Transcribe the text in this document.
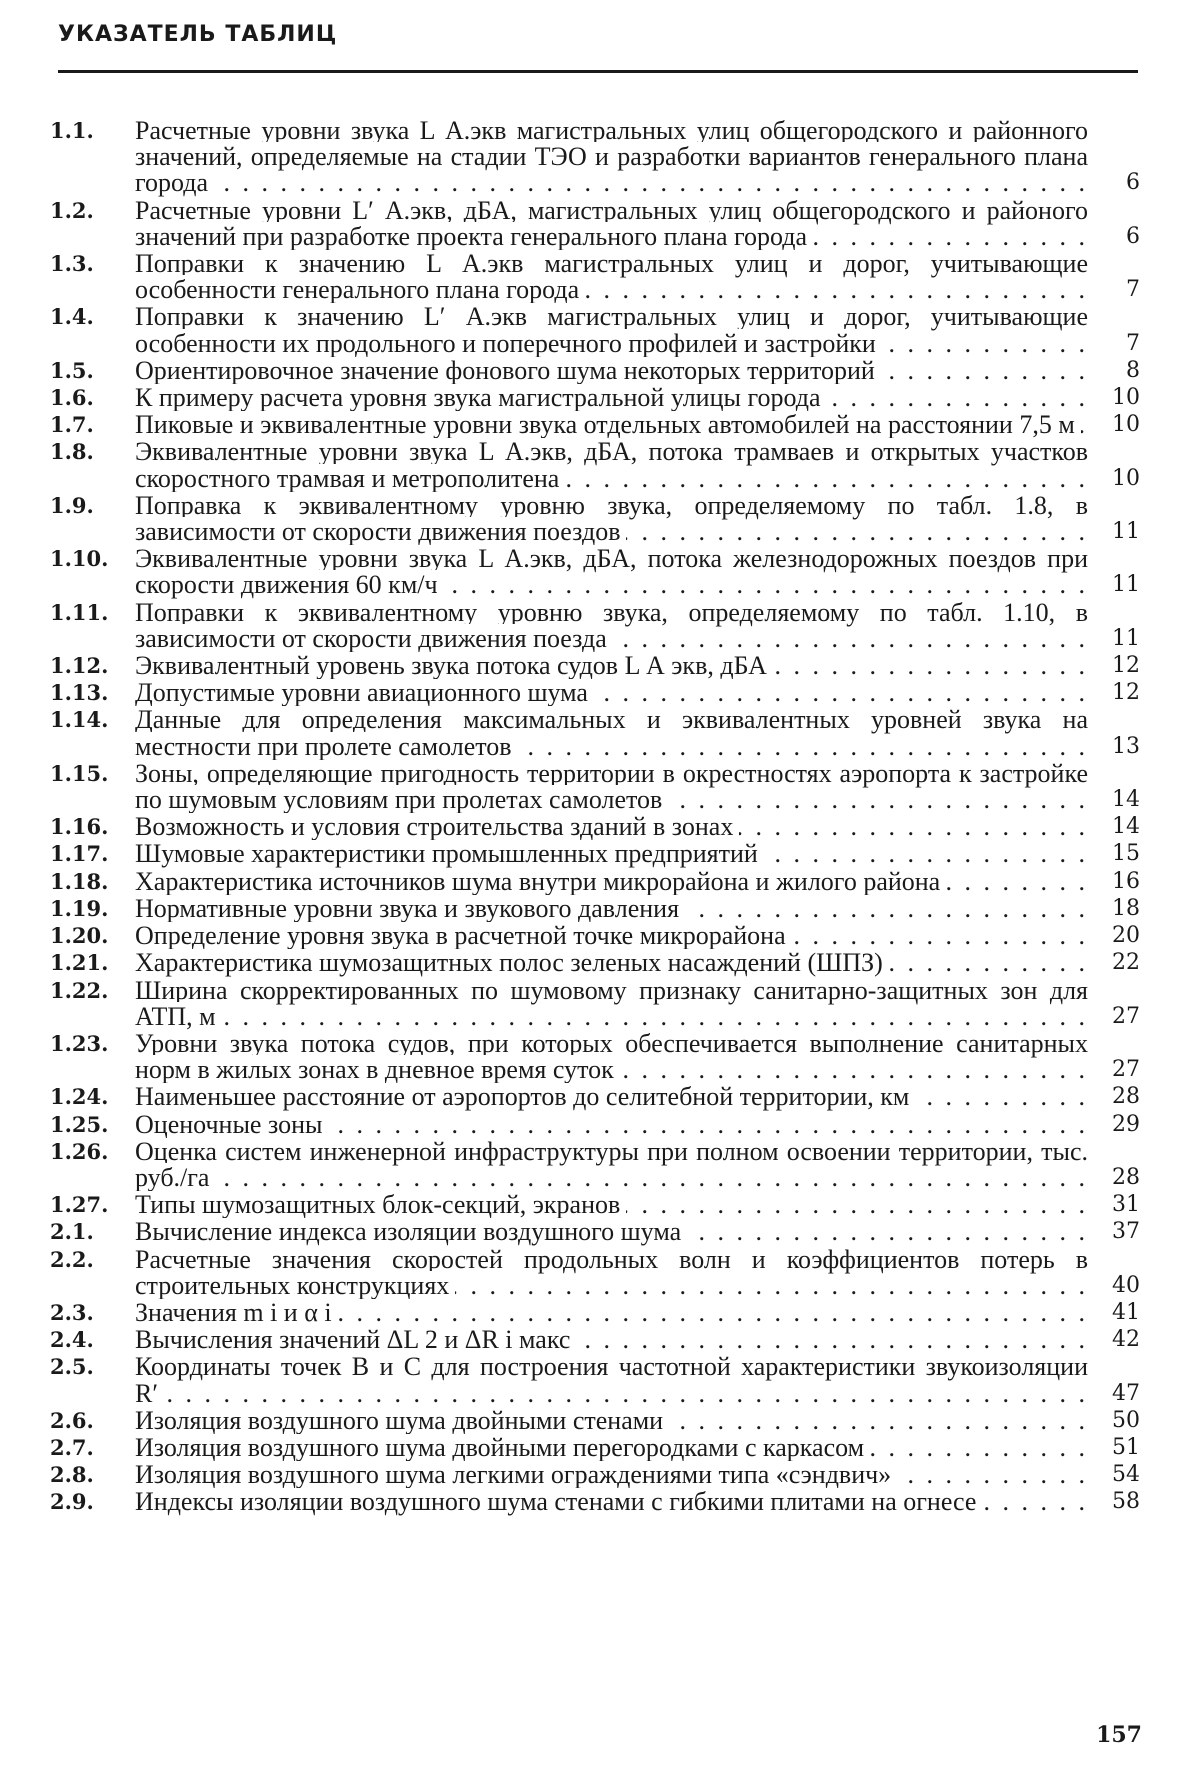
УКАЗАТЕЛЬ ТАБЛИЦ
1.1.	Расчетные уровни звука L А.экв магистральных улиц общегородского и районного значений, определяемые на стадии ТЭО и разработки вариантов генерального плана города . . .	6
1.2.	Расчетные уровни L′ А.экв, дБА, магистральных улиц общегородского и районого значений при разработке проекта генерального плана города . . .	6
1.3.	Поправки к значению L А.экв магистральных улиц и дорог, учитывающие особенности генерального плана города . . .	7
1.4.	Поправки к значению L′ А.экв магистральных улиц и дорог, учитывающие особенности их продольного и поперечного профилей и застройки . . .	7
1.5.	Ориентировочное значение фонового шума некоторых территорий . . .	8
1.6.	К примеру расчета уровня звука магистральной улицы города . . .	10
1.7.	Пиковые и эквивалентные уровни звука отдельных автомобилей на расстоянии 7,5 м . . .	10
1.8.	Эквивалентные уровни звука L А.экв, дБА, потока трамваев и открытых участков скоростного трамвая и метрополитена . . .	10
1.9.	Поправка к эквивалентному уровню звука, определяемому по табл. 1.8, в зависимости от скорости движения поездов . . .	11
1.10.	Эквивалентные уровни звука L А.экв, дБА, потока железнодорожных поездов при скорости движения 60 км/ч . . .	11
1.11.	Поправки к эквивалентному уровню звука, определяемому по табл. 1.10, в зависимости от скорости движения поезда . . .	11
1.12.	Эквивалентный уровень звука потока судов L А экв, дБА . . .	12
1.13.	Допустимые уровни авиационного шума . . .	12
1.14.	Данные для определения максимальных и эквивалентных уровней звука на местности при пролете самолетов . . .	13
1.15.	Зоны, определяющие пригодность территории в окрестностях аэропорта к застройке по шумовым условиям при пролетах самолетов . . .	14
1.16.	Возможность и условия строительства зданий в зонах . . .	14
1.17.	Шумовые характеристики промышленных предприятий . . .	15
1.18.	Характеристика источников шума внутри микрорайона и жилого района . . .	16
1.19.	Нормативные уровни звука и звукового давления . . .	18
1.20.	Определение уровня звука в расчетной точке микрорайона . . .	20
1.21.	Характеристика шумозащитных полос зеленых насаждений (ШПЗ) . . .	22
1.22.	Ширина скорректированных по шумовому признаку санитарно-защитных зон для АТП, м . . .	27
1.23.	Уровни звука потока судов, при которых обеспечивается выполнение санитарных норм в жилых зонах в дневное время суток . . .	27
1.24.	Наименьшее расстояние от аэропортов до селитебной территории, км . . .	28
1.25.	Оценочные зоны . . .	29
1.26.	Оценка систем инженерной инфраструктуры при полном освоении территории, тыс. руб./га . . .	28
1.27.	Типы шумозащитных блок-секций, экранов . . .	31
2.1.	Вычисление индекса изоляции воздушного шума . . .	37
2.2.	Расчетные значения скоростей продольных волн и коэффициентов потерь в строительных конструкциях . . .	40
2.3.	Значения m i и α i . . .	41
2.4.	Вычисления значений ΔL 2 и ΔR i макс . . .	42
2.5.	Координаты точек В и С для построения частотной характеристики звукоизоляции R′ . . .	47
2.6.	Изоляция воздушного шума двойными стенами . . .	50
2.7.	Изоляция воздушного шума двойными перегородками с каркасом . . .	51
2.8.	Изоляция воздушного шума легкими ограждениями типа «сэндвич» . . .	54
2.9.	Индексы изоляции воздушного шума стенами с гибкими плитами на огнесе . . .	58
157
